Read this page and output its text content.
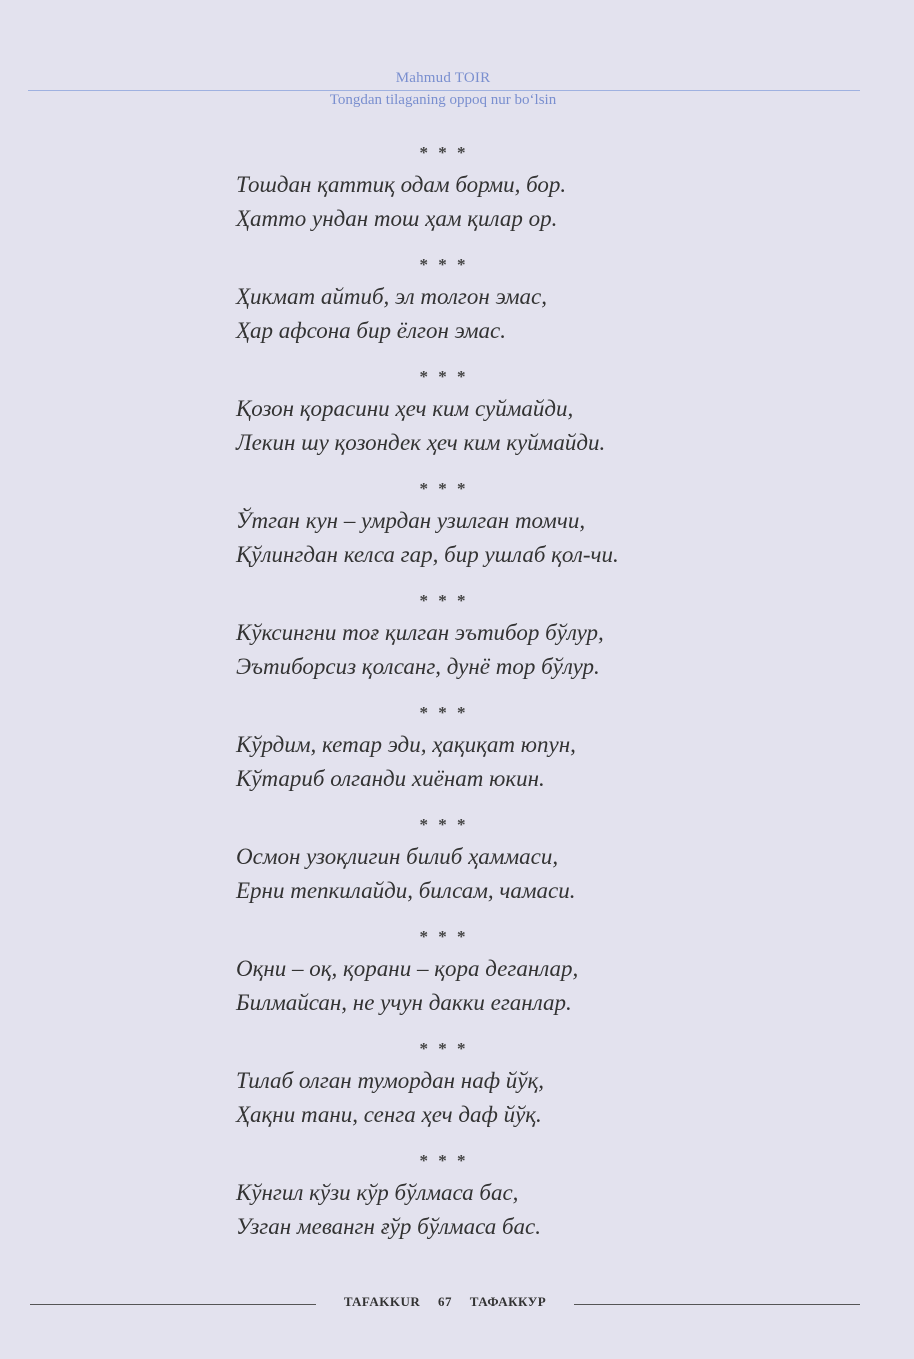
Mahmud TOIR
Tongdan tilaganing oppoq nur bo‘lsin
* * *
Тошдан қаттиқ одам борми, бор.
Ҳатто ундан тош ҳам қилар ор.
* * *
Ҳикмат айтиб, эл толгон эмас,
Ҳар афсона бир ёлгон эмас.
* * *
Қозон қорасини ҳеч ким суймайди,
Лекин шу қозондек ҳеч ким куймайди.
* * *
Ўтган кун – умрдан узилган томчи,
Қўлингдан келса гар, бир ушлаб қол-чи.
* * *
Кўксингни тоғ қилган эътибор бўлур,
Эътиборсиз қолсанг, дунё тор бўлур.
* * *
Кўрдим, кетар эди, ҳақиқат юпун,
Кўтариб олганди хиёнат юкин.
* * *
Осмон узоқлигин билиб ҳаммаси,
Ерни тепкилайди, билсам, чамаси.
* * *
Оқни – оқ, қорани – қора деганлар,
Билмайсан, не учун дакки еганлар.
* * *
Тилаб олган тумордан наф йўқ,
Ҳақни тани, сенга ҳеч даф йўқ.
* * *
Кўнгил кўзи кўр бўлмаса бас,
Узган мевангн ғўр бўлмаса бас.
TAFAKKUR 67 ТАФАККУР
